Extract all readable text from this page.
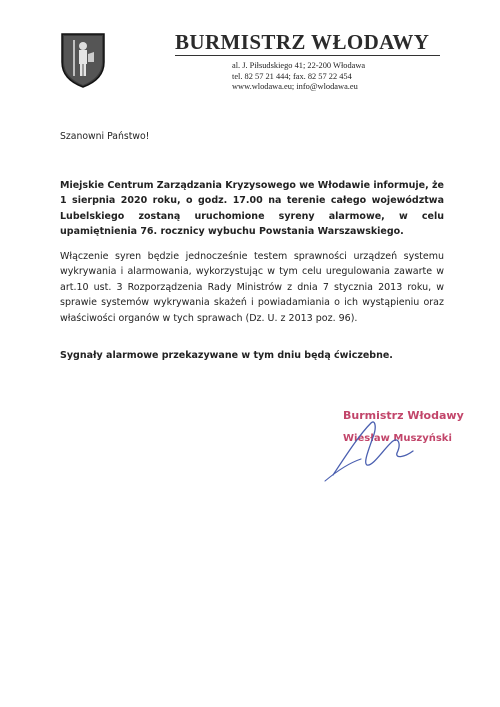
BURMISTRZ WŁODAWY
al. J. Piłsudskiego 41; 22-200 Włodawa
tel. 82 57 21 444; fax. 82 57 22 454
www.wlodawa.eu; info@wlodawa.eu
Szanowni Państwo!

Miejskie Centrum Zarządzania Kryzysowego we Włodawie informuje, że 1 sierpnia 2020 roku, o godz. 17.00 na terenie całego województwa Lubelskiego zostaną uruchomione syreny alarmowe, w celu upamiętnienia 76. rocznicy wybuchu Powstania Warszawskiego.

Włączenie syren będzie jednocześnie testem sprawności urządzeń systemu wykrywania i alarmowania, wykorzystując w tym celu uregulowania zawarte w art.10 ust. 3 Rozporządzenia Rady Ministrów z dnia 7 stycznia 2013 roku, w sprawie systemów wykrywania skażeń i powiadamiania o ich wystąpieniu oraz właściwości organów w tych sprawach (Dz. U. z 2013 poz. 96).

Sygnały alarmowe przekazywane w tym dniu będą ćwiczebne.

Burmistrz Włodawy
Wiesław Muszyński
